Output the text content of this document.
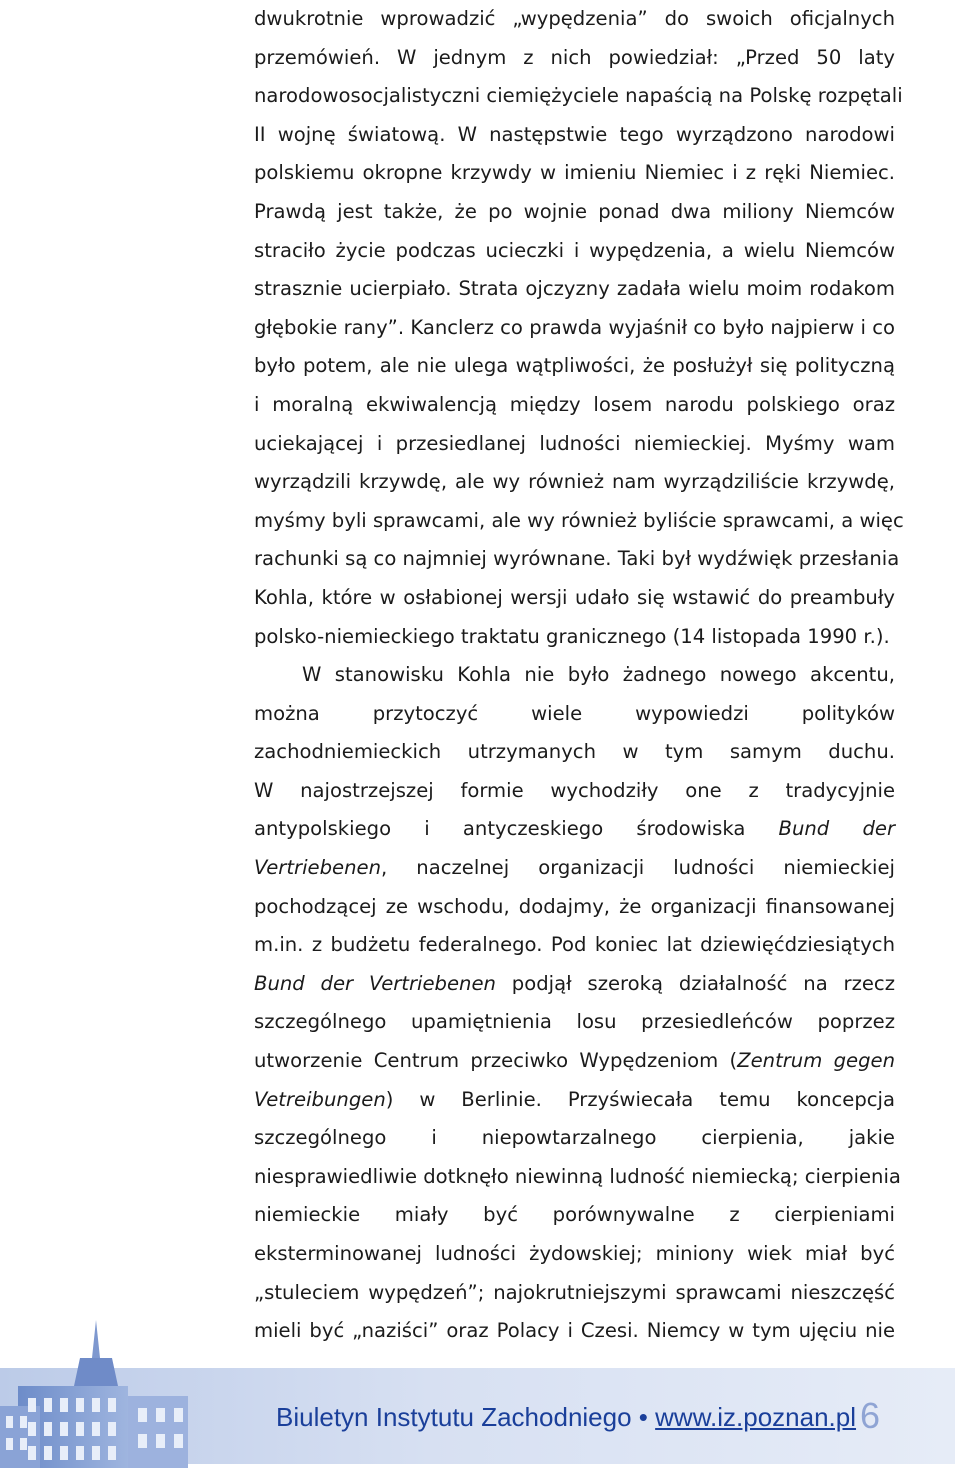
dwukrotnie wprowadzić „wypędzenia” do swoich oficjalnych
przemówień. W jednym z nich powiedział: „Przed 50 laty
narodowosocjalistyczni ciemiężyciele napaścią na Polskę rozpętali
II wojnę światową. W następstwie tego wyrządzono narodowi
polskiemu okropne krzywdy w imieniu Niemiec i z ręki Niemiec.
Prawdą jest także, że po wojnie ponad dwa miliony Niemców
straciło życie podczas ucieczki i wypędzenia, a wielu Niemców
strasznie ucierpiało. Strata ojczyzny zadała wielu moim rodakom
głębokie rany”. Kanclerz co prawda wyjaśnił co było najpierw i co
było potem, ale nie ulega wątpliwości, że posłużył się polityczną
i moralną ekwiwalencją między losem narodu polskiego oraz
uciekającej i przesiedlanej ludności niemieckiej. Myśmy wam
wyrządzili krzywdę, ale wy również nam wyrządziliście krzywdę,
myśmy byli sprawcami, ale wy również byliście sprawcami, a więc
rachunki są co najmniej wyrównane. Taki był wydźwięk przesłania
Kohla, które w osłabionej wersji udało się wstawić do preambuły
polsko-niemieckiego traktatu granicznego (14 listopada 1990 r.).
W stanowisku Kohla nie było żadnego nowego akcentu,
można przytoczyć wiele wypowiedzi polityków
zachodniemieckich utrzymanych w tym samym duchu.
W najostrzejszej formie wychodziły one z tradycyjnie
antypolskiego i antyczeskiego środowiska Bund der
Vertriebenen, naczelnej organizacji ludności niemieckiej
pochodzącej ze wschodu, dodajmy, że organizacji finansowanej
m.in. z budżetu federalnego. Pod koniec lat dziewięćdziesiątych
Bund der Vertriebenen podjął szeroką działalność na rzecz
szczególnego upamiętnienia losu przesiedleńców poprzez
utworzenie Centrum przeciwko Wypędzeniom (Zentrum gegen
Vetreibungen) w Berlinie. Przyświecała temu koncepcja
szczególnego i niepowtarzalnego cierpienia, jakie
niesprawiedliwie dotknęło niewinną ludność niemiecką; cierpienia
niemieckie miały być porównywalne z cierpieniami
eksterminowanej ludności żydowskiej; miniony wiek miał być
„stuleciem wypędzeń”; najokrutniejszymi sprawcami nieszczęść
mieli być „naziści” oraz Polacy i Czesi. Niemcy w tym ujęciu nie
Biuletyn Instytutu Zachodniego • www.iz.poznan.pl 6
